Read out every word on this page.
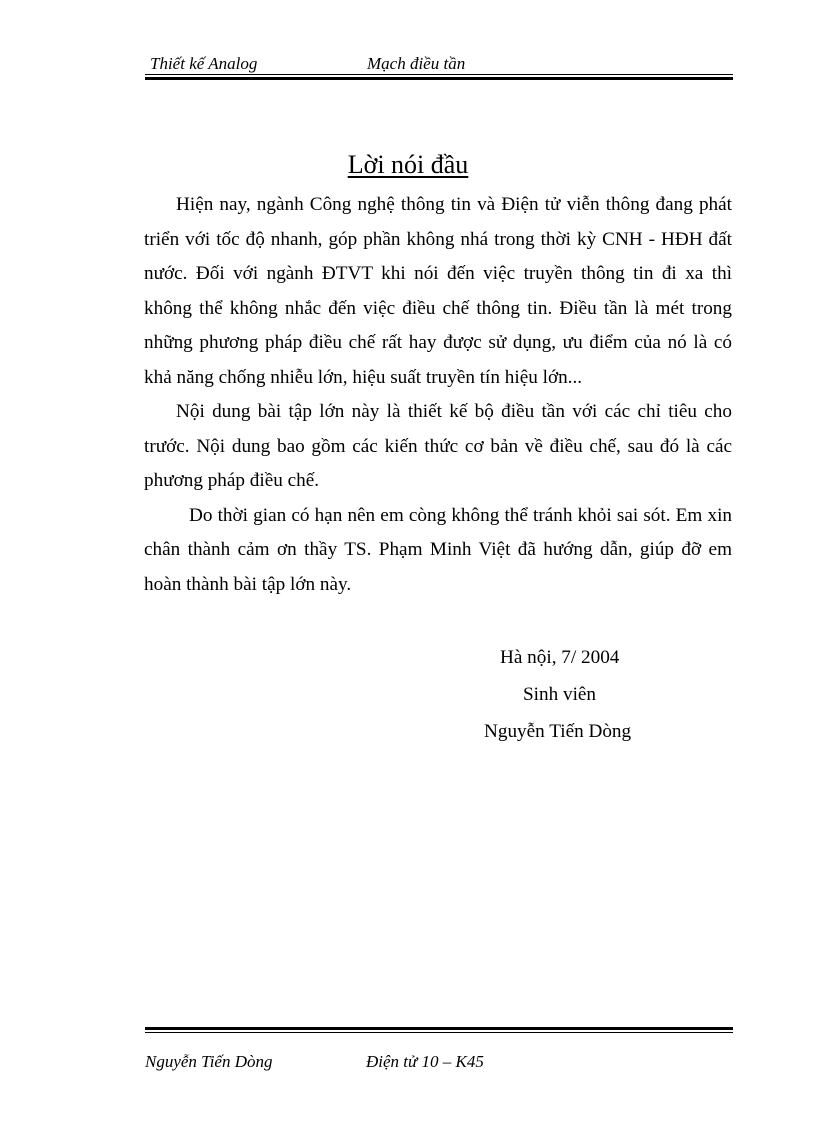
Thiết kế Analog	Mạch điều tần
Lời nói đầu

Hiện nay, ngành Công nghệ thông tin và Điện tử viễn thông đang phát triển với tốc độ nhanh, góp phần không nhá trong thời kỳ CNH - HĐH đất nước. Đối với ngành ĐTVT khi nói đến việc truyền thông tin đi xa thì không thể không nhắc đến việc điều chế thông tin. Điều tần là mét trong những phương pháp điều chế rất hay được sử dụng, ưu điểm của nó là có khả năng chống nhiễu lớn, hiệu suất truyền tín hiệu lớn...

Nội dung bài tập lớn này là thiết kế bộ điều tần với các chỉ tiêu cho trước. Nội dung bao gồm các kiến thức cơ bản về điều chế, sau đó là các phương pháp điều chế.

Do thời gian có hạn nên em còng không thể tránh khỏi sai sót. Em xin chân thành cảm ơn thầy TS. Phạm Minh Việt đã hướng dẫn, giúp đỡ em hoàn thành bài tập lớn này.

Hà nội, 7/ 2004
Sinh viên
Nguyễn Tiến Dòng
Nguyễn Tiến Dòng	Điện tử 10 – K45
